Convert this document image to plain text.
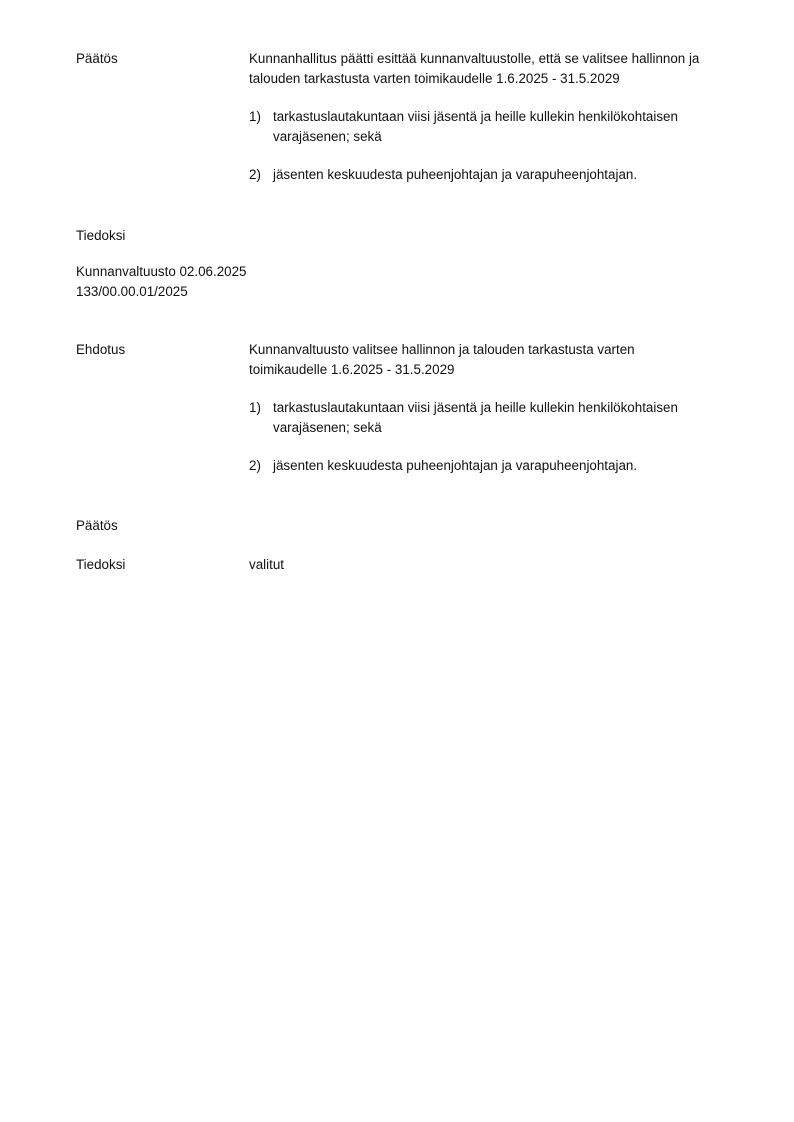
Päätös	Kunnanhallitus päätti esittää kunnanvaltuustolle, että se valitsee hallinnon ja talouden tarkastusta varten toimikaudelle 1.6.2025 - 31.5.2029

1) tarkastuslautakuntaan viisi jäsentä ja heille kullekin henkilökohtaisen varajäsenen; sekä
2) jäsenten keskuudesta puheenjohtajan ja varapuheenjohtajan.
Tiedoksi
Kunnanvaltuusto 02.06.2025
133/00.00.01/2025
Ehdotus	Kunnanvaltuusto valitsee hallinnon ja talouden tarkastusta varten toimikaudelle 1.6.2025 - 31.5.2029

1) tarkastuslautakuntaan viisi jäsentä ja heille kullekin henkilökohtaisen varajäsenen; sekä
2) jäsenten keskuudesta puheenjohtajan ja varapuheenjohtajan.
Päätös
Tiedoksi	valitut
